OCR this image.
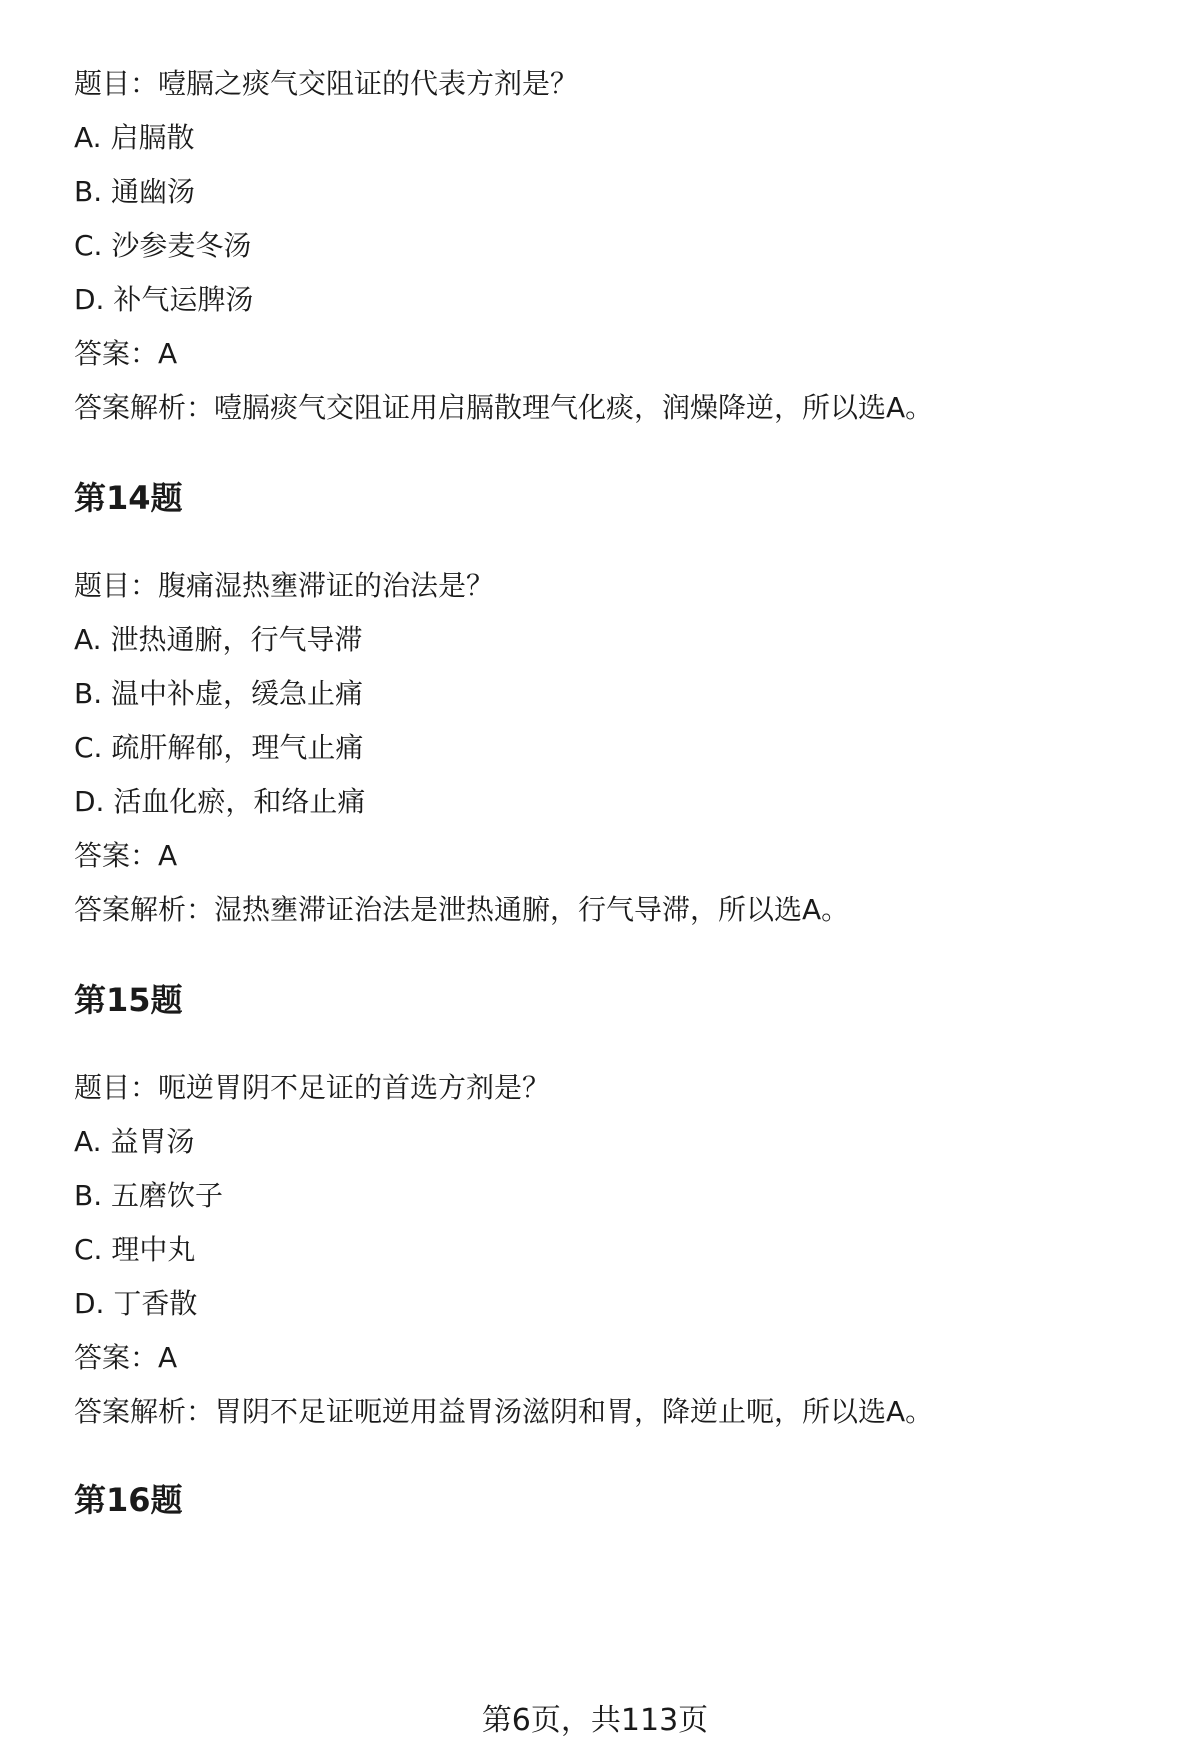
题目：噎膈之痰气交阻证的代表方剂是？

A. 启膈散

B. 通幽汤

C. 沙参麦冬汤

D. 补气运脾汤

答案：A

答案解析：噎膈痰气交阻证用启膈散理气化痰，润燥降逆，所以选A。

第14题

题目：腹痛湿热壅滞证的治法是？

A. 泄热通腑，行气导滞

B. 温中补虚，缓急止痛

C. 疏肝解郁，理气止痛

D. 活血化瘀，和络止痛

答案：A

答案解析：湿热壅滞证治法是泄热通腑，行气导滞，所以选A。

第15题

题目：呃逆胃阴不足证的首选方剂是？

A. 益胃汤

B. 五磨饮子

C. 理中丸

D. 丁香散

答案：A

答案解析：胃阴不足证呃逆用益胃汤滋阴和胃，降逆止呃，所以选A。

第16题

第6页，共113页
